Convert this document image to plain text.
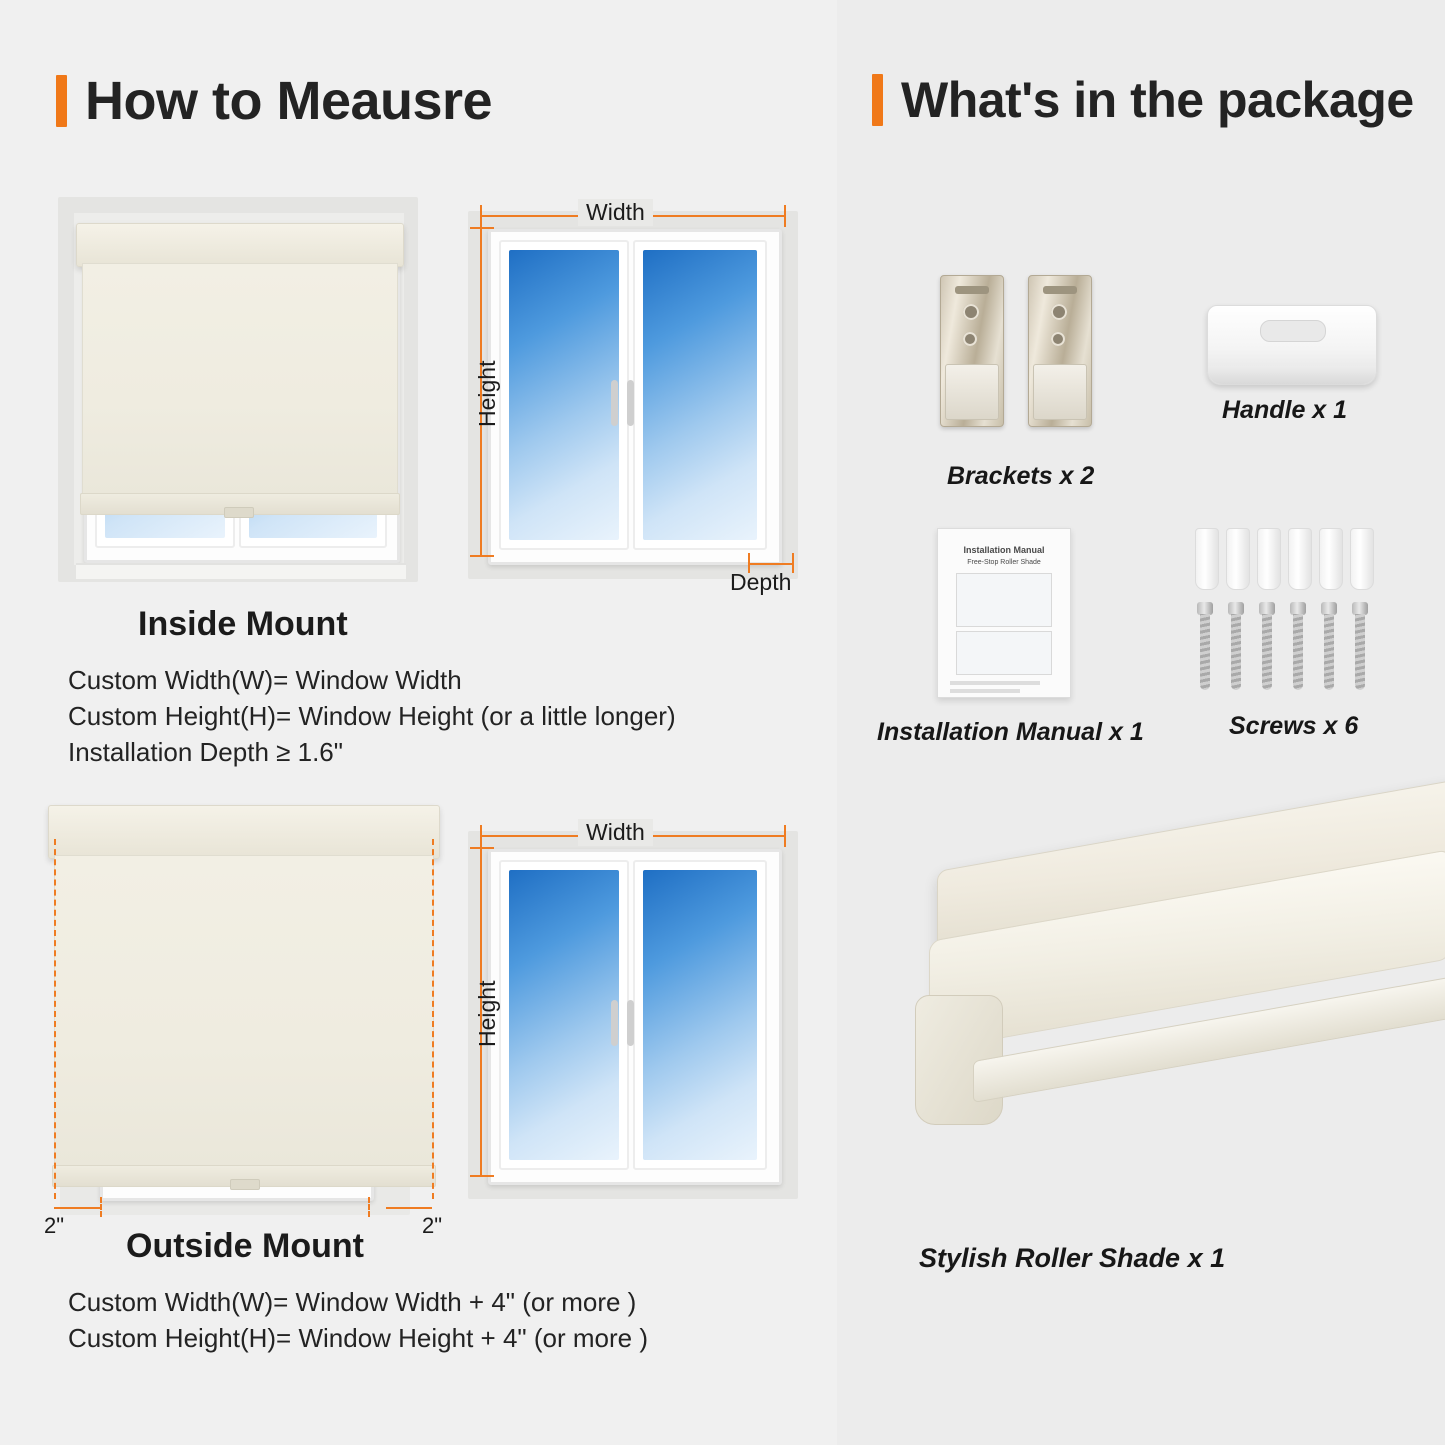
How to Meausre
Width
Height
Depth
Inside Mount
Custom Width(W)= Window Width
Custom Height(H)= Window Height (or a little longer)
Installation Depth ≥ 1.6"
2"	2"
Width
Height
Outside Mount
Custom Width(W)= Window Width + 4" (or more )
Custom Height(H)= Window Height + 4" (or more )
What's in the package
Brackets x 2
Handle x 1
Installation Manual
Free-Stop Roller Shade
Installation Manual x 1	Screws x 6
Stylish Roller Shade x 1
